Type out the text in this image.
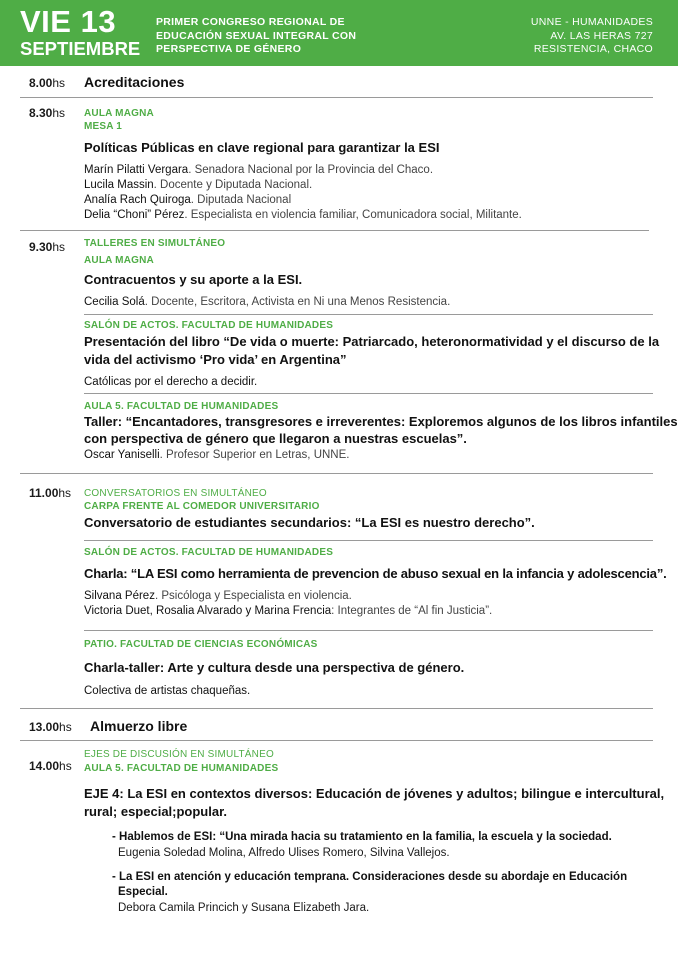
VIE 13
SEPTIEMBRE
PRIMER CONGRESO REGIONAL DE
EDUCACIÓN SEXUAL INTEGRAL CON
PERSPECTIVA DE GÉNERO
UNNE - HUMANIDADES
AV. LAS HERAS 727
RESISTENCIA, CHACO
8.00hs Acreditaciones
8.30hs AULA MAGNA
MESA 1
Políticas Públicas en clave regional para garantizar la ESI
Marín Pilatti Vergara. Senadora Nacional por la Provincia del Chaco.
Lucila Massin. Docente y Diputada Nacional.
Analía Rach Quiroga. Diputada Nacional
Delia “Choni” Pérez. Especialista en violencia familiar, Comunicadora social, Militante.
9.30hs TALLERES EN SIMULTÁNEO
AULA MAGNA
Contracuentos y su aporte a la ESI.
Cecilia Solá. Docente, Escritora, Activista en Ni una Menos Resistencia.
SALÓN DE ACTOS. FACULTAD DE HUMANIDADES
Presentación del libro “De vida o muerte: Patriarcado, heteronormatividad y el discurso de la
vida del activismo ‘Pro vida’ en Argentina”
Católicas por el derecho a decidir.
AULA 5. FACULTAD DE HUMANIDADES
Taller: “Encantadores, transgresores e irreverentes: Exploremos algunos de los libros infantiles
con perspectiva de género que llegaron a nuestras escuelas”.
Oscar Yaniselli. Profesor Superior en Letras, UNNE.
11.00hs CONVERSATORIOS EN SIMULTÁNEO
CARPA FRENTE AL COMEDOR UNIVERSITARIO
Conversatorio de estudiantes secundarios: “La ESI es nuestro derecho”.
SALÓN DE ACTOS. FACULTAD DE HUMANIDADES
Charla: “LA ESI como herramienta de prevencion de abuso sexual en la infancia y adolescencia”.
Silvana Pérez. Psicóloga y Especialista en violencia.
Victoria Duet, Rosalia Alvarado y Marina Frencia: Integrantes de “Al fin Justicia”.
PATIO. FACULTAD DE CIENCIAS ECONÓMICAS
Charla-taller: Arte y cultura desde una perspectiva de género.
Colectiva de artistas chaqueñas.
13.00hs Almuerzo libre
14.00hs
EJES DE DISCUSIÓN EN SIMULTÁNEO
AULA 5. FACULTAD DE HUMANIDADES
EJE 4: La ESI en contextos diversos: Educación de jóvenes y adultos; bilingue e intercultural,
rural; especial;popular.
- Hablemos de ESI: “Una mirada hacia su tratamiento en la familia, la escuela y la sociedad.
Eugenia Soledad Molina, Alfredo Ulises Romero, Silvina Vallejos.
- La ESI en atención y educación temprana. Consideraciones desde su abordaje en Educación
Especial.
Debora Camila Princich y Susana Elizabeth Jara.
